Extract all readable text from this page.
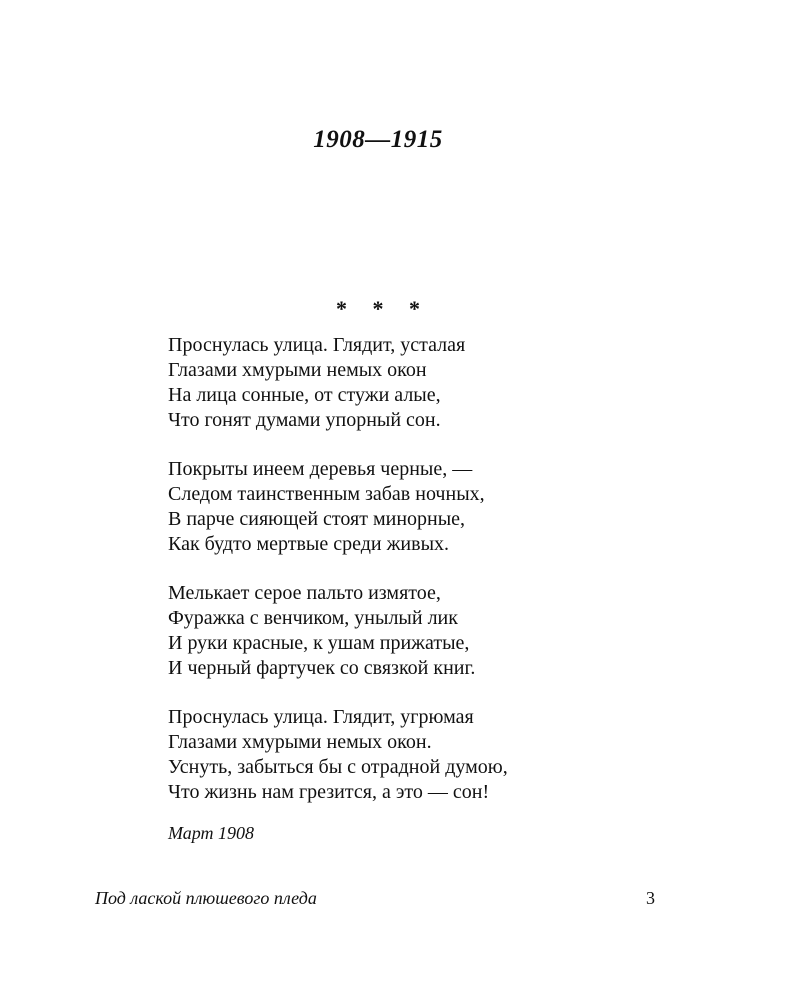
1908—1915
* * *
Проснулась улица. Глядит, усталая
Глазами хмурыми немых окон
На лица сонные, от стужи алые,
Что гонят думами упорный сон.
Покрыты инеем деревья черные, —
Следом таинственным забав ночных,
В парче сияющей стоят минорные,
Как будто мертвые среди живых.
Мелькает серое пальто измятое,
Фуражка с венчиком, унылый лик
И руки красные, к ушам прижатые,
И черный фартучек со связкой книг.
Проснулась улица. Глядит, угрюмая
Глазами хмурыми немых окон.
Уснуть, забыться бы с отрадной думою,
Что жизнь нам грезится, а это — сон!
Март 1908
Под лаской плюшевого пледа	3
